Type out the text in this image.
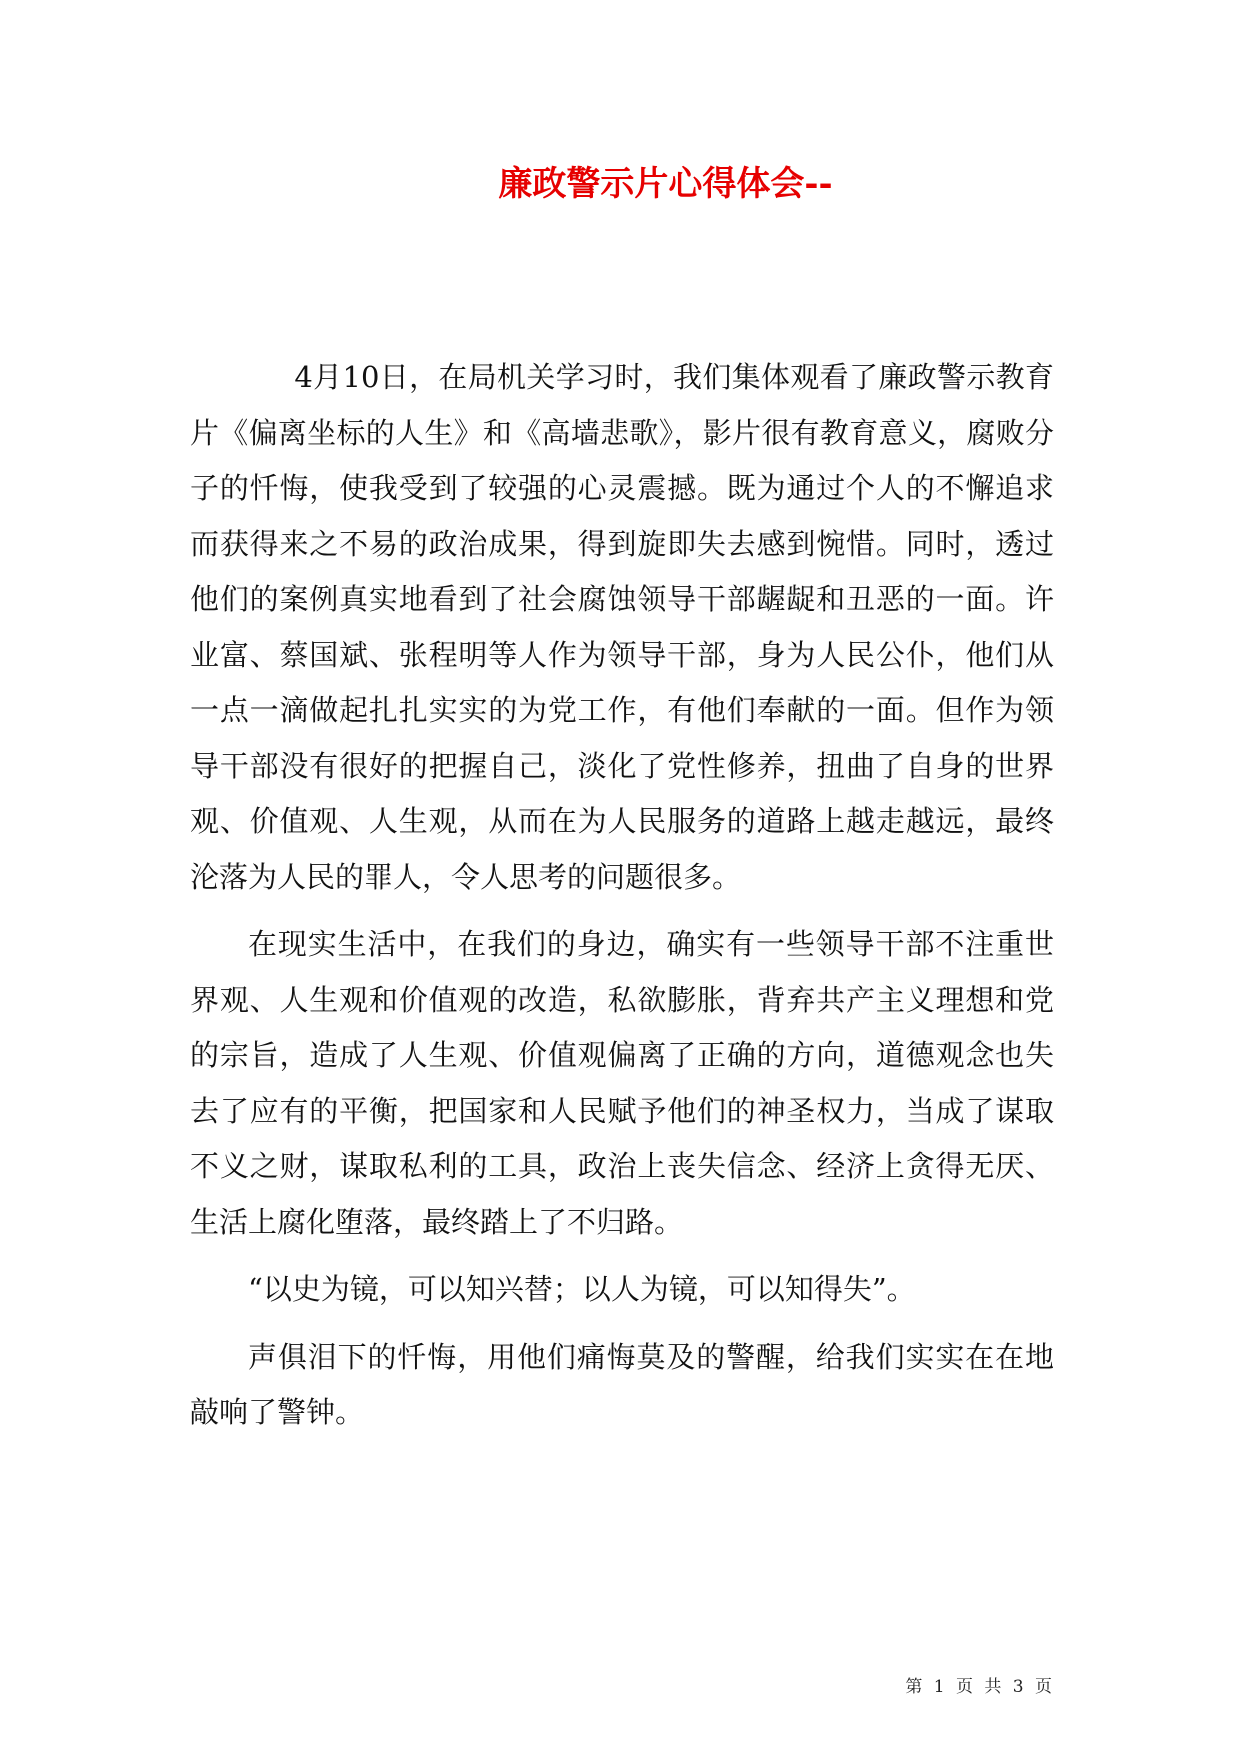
廉政警示片心得体会--

4月10日，在局机关学习时，我们集体观看了廉政警示教育片《偏离坐标的人生》和《高墙悲歌》，影片很有教育意义，腐败分子的忏悔，使我受到了较强的心灵震撼。既为通过个人的不懈追求而获得来之不易的政治成果，得到旋即失去感到惋惜。同时，透过他们的案例真实地看到了社会腐蚀领导干部龌龊和丑恶的一面。许业富、蔡国斌、张程明等人作为领导干部，身为人民公仆，他们从一点一滴做起扎扎实实的为党工作，有他们奉献的一面。但作为领导干部没有很好的把握自己，淡化了党性修养，扭曲了自身的世界观、价值观、人生观，从而在为人民服务的道路上越走越远，最终沦落为人民的罪人，令人思考的问题很多。

在现实生活中，在我们的身边，确实有一些领导干部不注重世界观、人生观和价值观的改造，私欲膨胀，背弃共产主义理想和党的宗旨，造成了人生观、价值观偏离了正确的方向，道德观念也失去了应有的平衡，把国家和人民赋予他们的神圣权力，当成了谋取不义之财，谋取私利的工具，政治上丧失信念、经济上贪得无厌、生活上腐化堕落，最终踏上了不归路。

“以史为镜，可以知兴替；以人为镜，可以知得失”。

声俱泪下的忏悔，用他们痛悔莫及的警醒，给我们实实在在地敲响了警钟。

第 1 页 共 3 页
